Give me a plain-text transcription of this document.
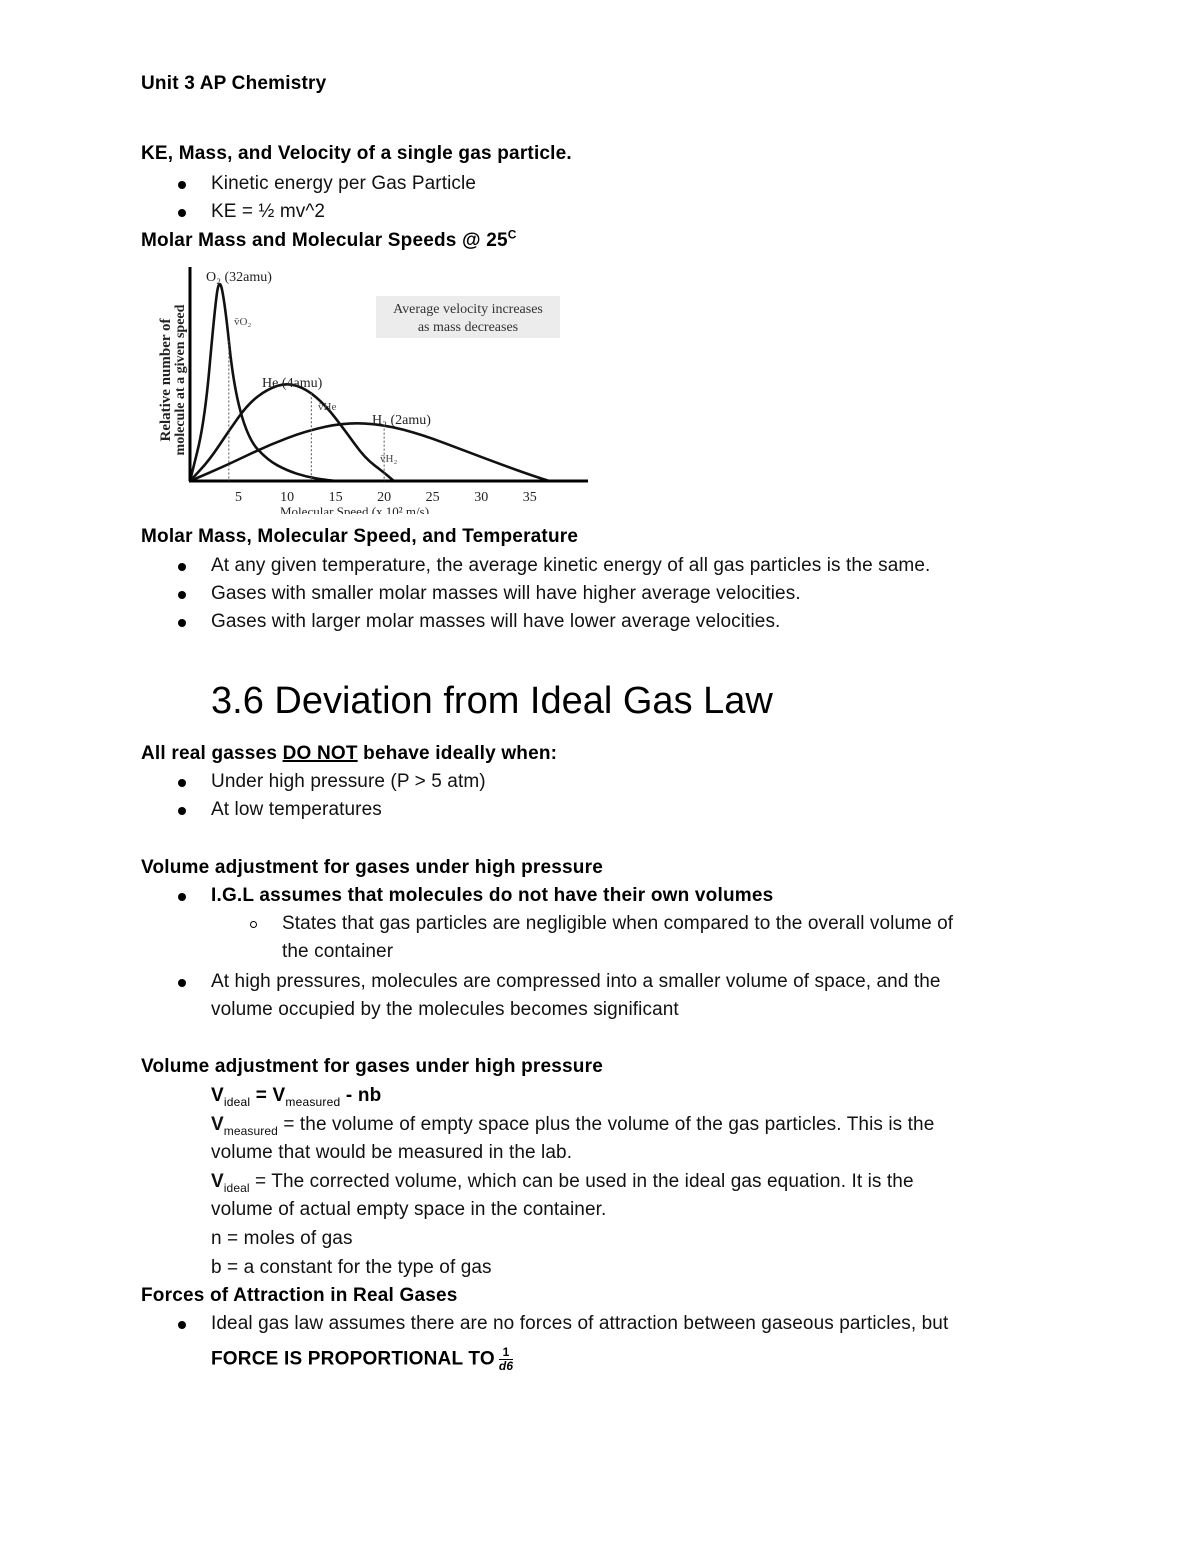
Unit 3 AP Chemistry
KE, Mass, and Velocity of a single gas particle.
Kinetic energy per Gas Particle
KE = ½ mv^2
Molar Mass and Molecular Speeds @ $25^C$
5	10 15 20 25 30 35
Relative number of molecule at a given speed
Molecular Speed (x 10² m/s)
Average velocity increases
as mass decreases
O₂ (32amu)
He (4amu)
H₂ (2amu)
v̄O₂
v̄He
v̄H₂
Molar Mass, Molecular Speed, and Temperature
At any given temperature, the average kinetic energy of all gas particles is the same.
Gases with smaller molar masses will have higher average velocities.
Gases with larger molar masses will have lower average velocities.
3.6 Deviation from Ideal Gas Law
All real gasses DO NOT behave ideally when:
Under high pressure (P > 5 atm)
At low temperatures
Volume adjustment for gases under high pressure
I.G.L assumes that molecules do not have their own volumes
States that gas particles are negligible when compared to the overall volume of
the container
At high pressures, molecules are compressed into a smaller volume of space, and the
volume occupied by the molecules becomes significant
Volume adjustment for gases under high pressure
$V_{ideal} = V_{measured}$ - nb
$V_{measured}$ = the volume of empty space plus the volume of the gas particles. This is the
volume that would be measured in the lab.
$V_{ideal}$ = The corrected volume, which can be used in the ideal gas equation. It is the
volume of actual empty space in the container.
n = moles of gas
b = a constant for the type of gas
Forces of Attraction in Real Gases
Ideal gas law assumes there are no forces of attraction between gaseous particles, but
FORCE IS PROPORTIONAL TO $\frac{1}{d6}$
